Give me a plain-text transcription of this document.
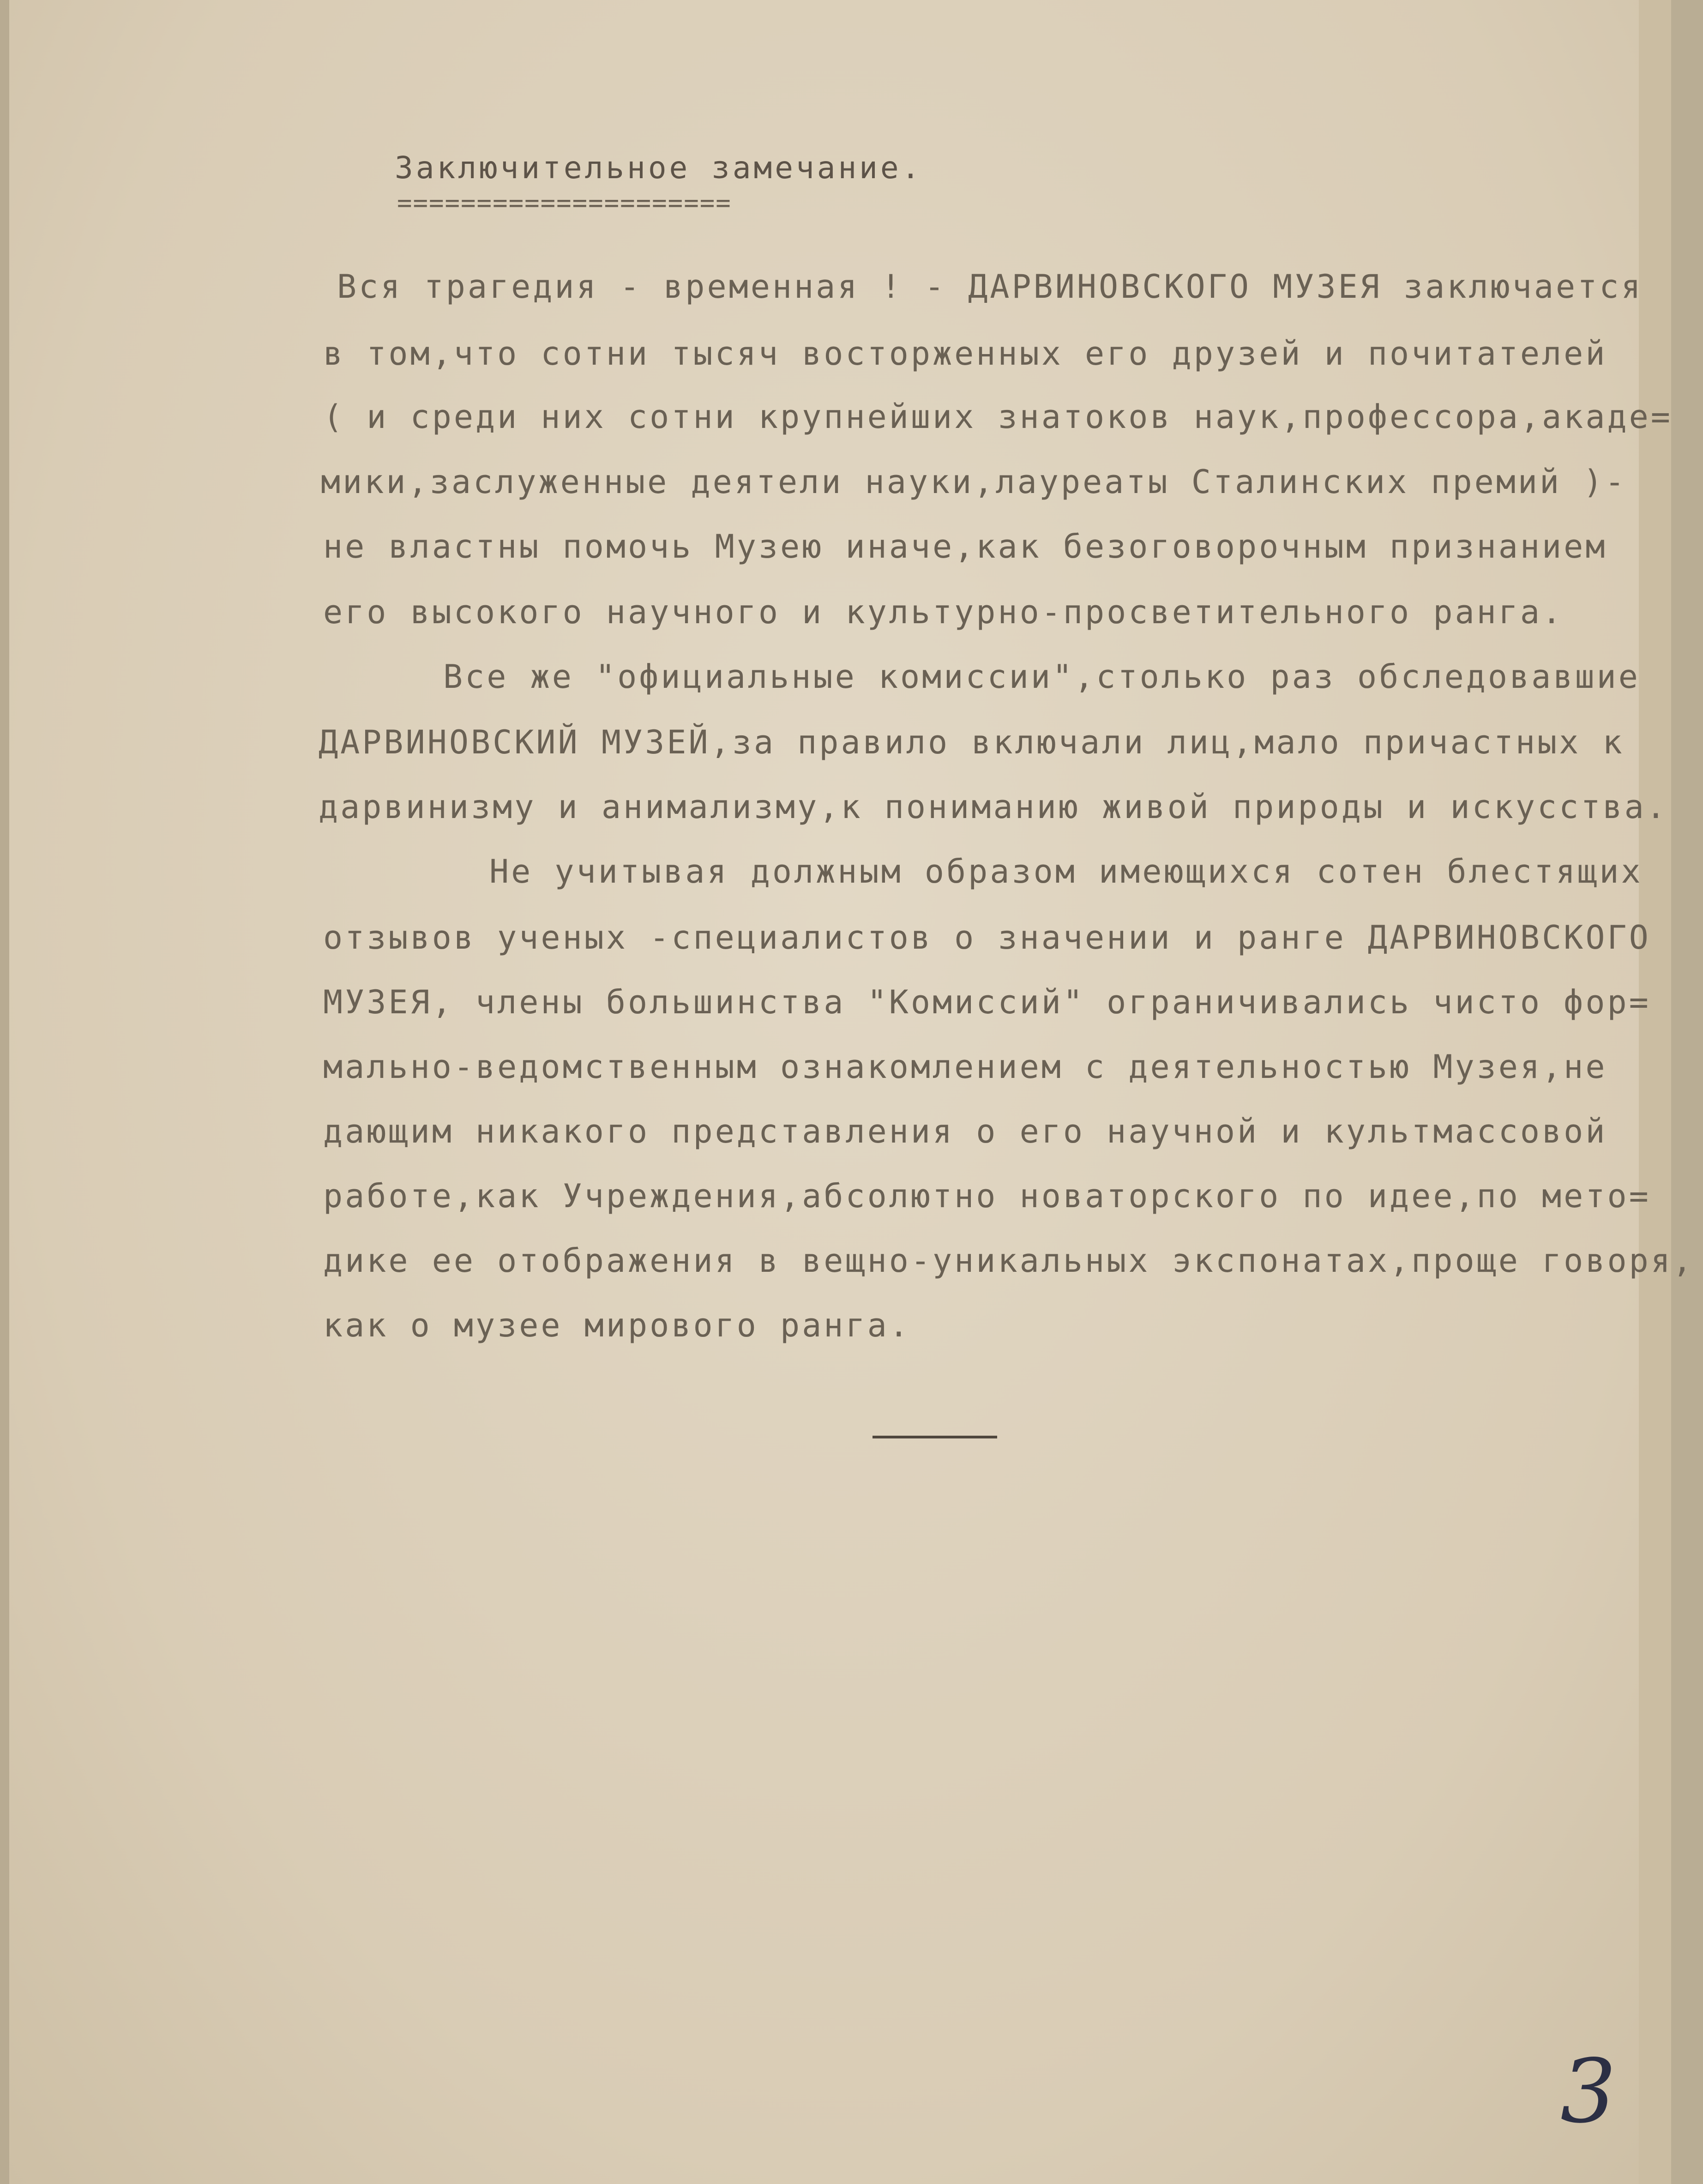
Заключительное замечание.
=====================
Вся трагедия - временная ! - ДАРВИНОВСКОГО МУЗЕЯ заключается
в том,что сотни тысяч восторженных его друзей и почитателей
( и среди них сотни крупнейших знатоков наук,профессора,акаде=
мики,заслуженные деятели науки,лауреаты Сталинских премий )-
не властны помочь Музею иначе,как безоговорочным признанием
его высокого научного и культурно-просветительного ранга.
Все же "официальные комиссии",столько раз обследовавшие
ДАРВИНОВСКИЙ МУЗЕЙ,за правило включали лиц,мало причастных к
дарвинизму и анимализму,к пониманию живой природы и искусства.
Не учитывая должным образом имеющихся сотен блестящих
отзывов ученых -специалистов о значении и ранге ДАРВИНОВСКОГО
МУЗЕЯ, члены большинства "Комиссий" ограничивались чисто фор=
мально-ведомственным ознакомлением с деятельностью Музея,не
дающим никакого представления о его научной и культмассовой
работе,как Учреждения,абсолютно новаторского по идее,по мето=
дике ее отображения в вещно-уникальных экспонатах,проще говоря,
как о музее мирового ранга.
3
